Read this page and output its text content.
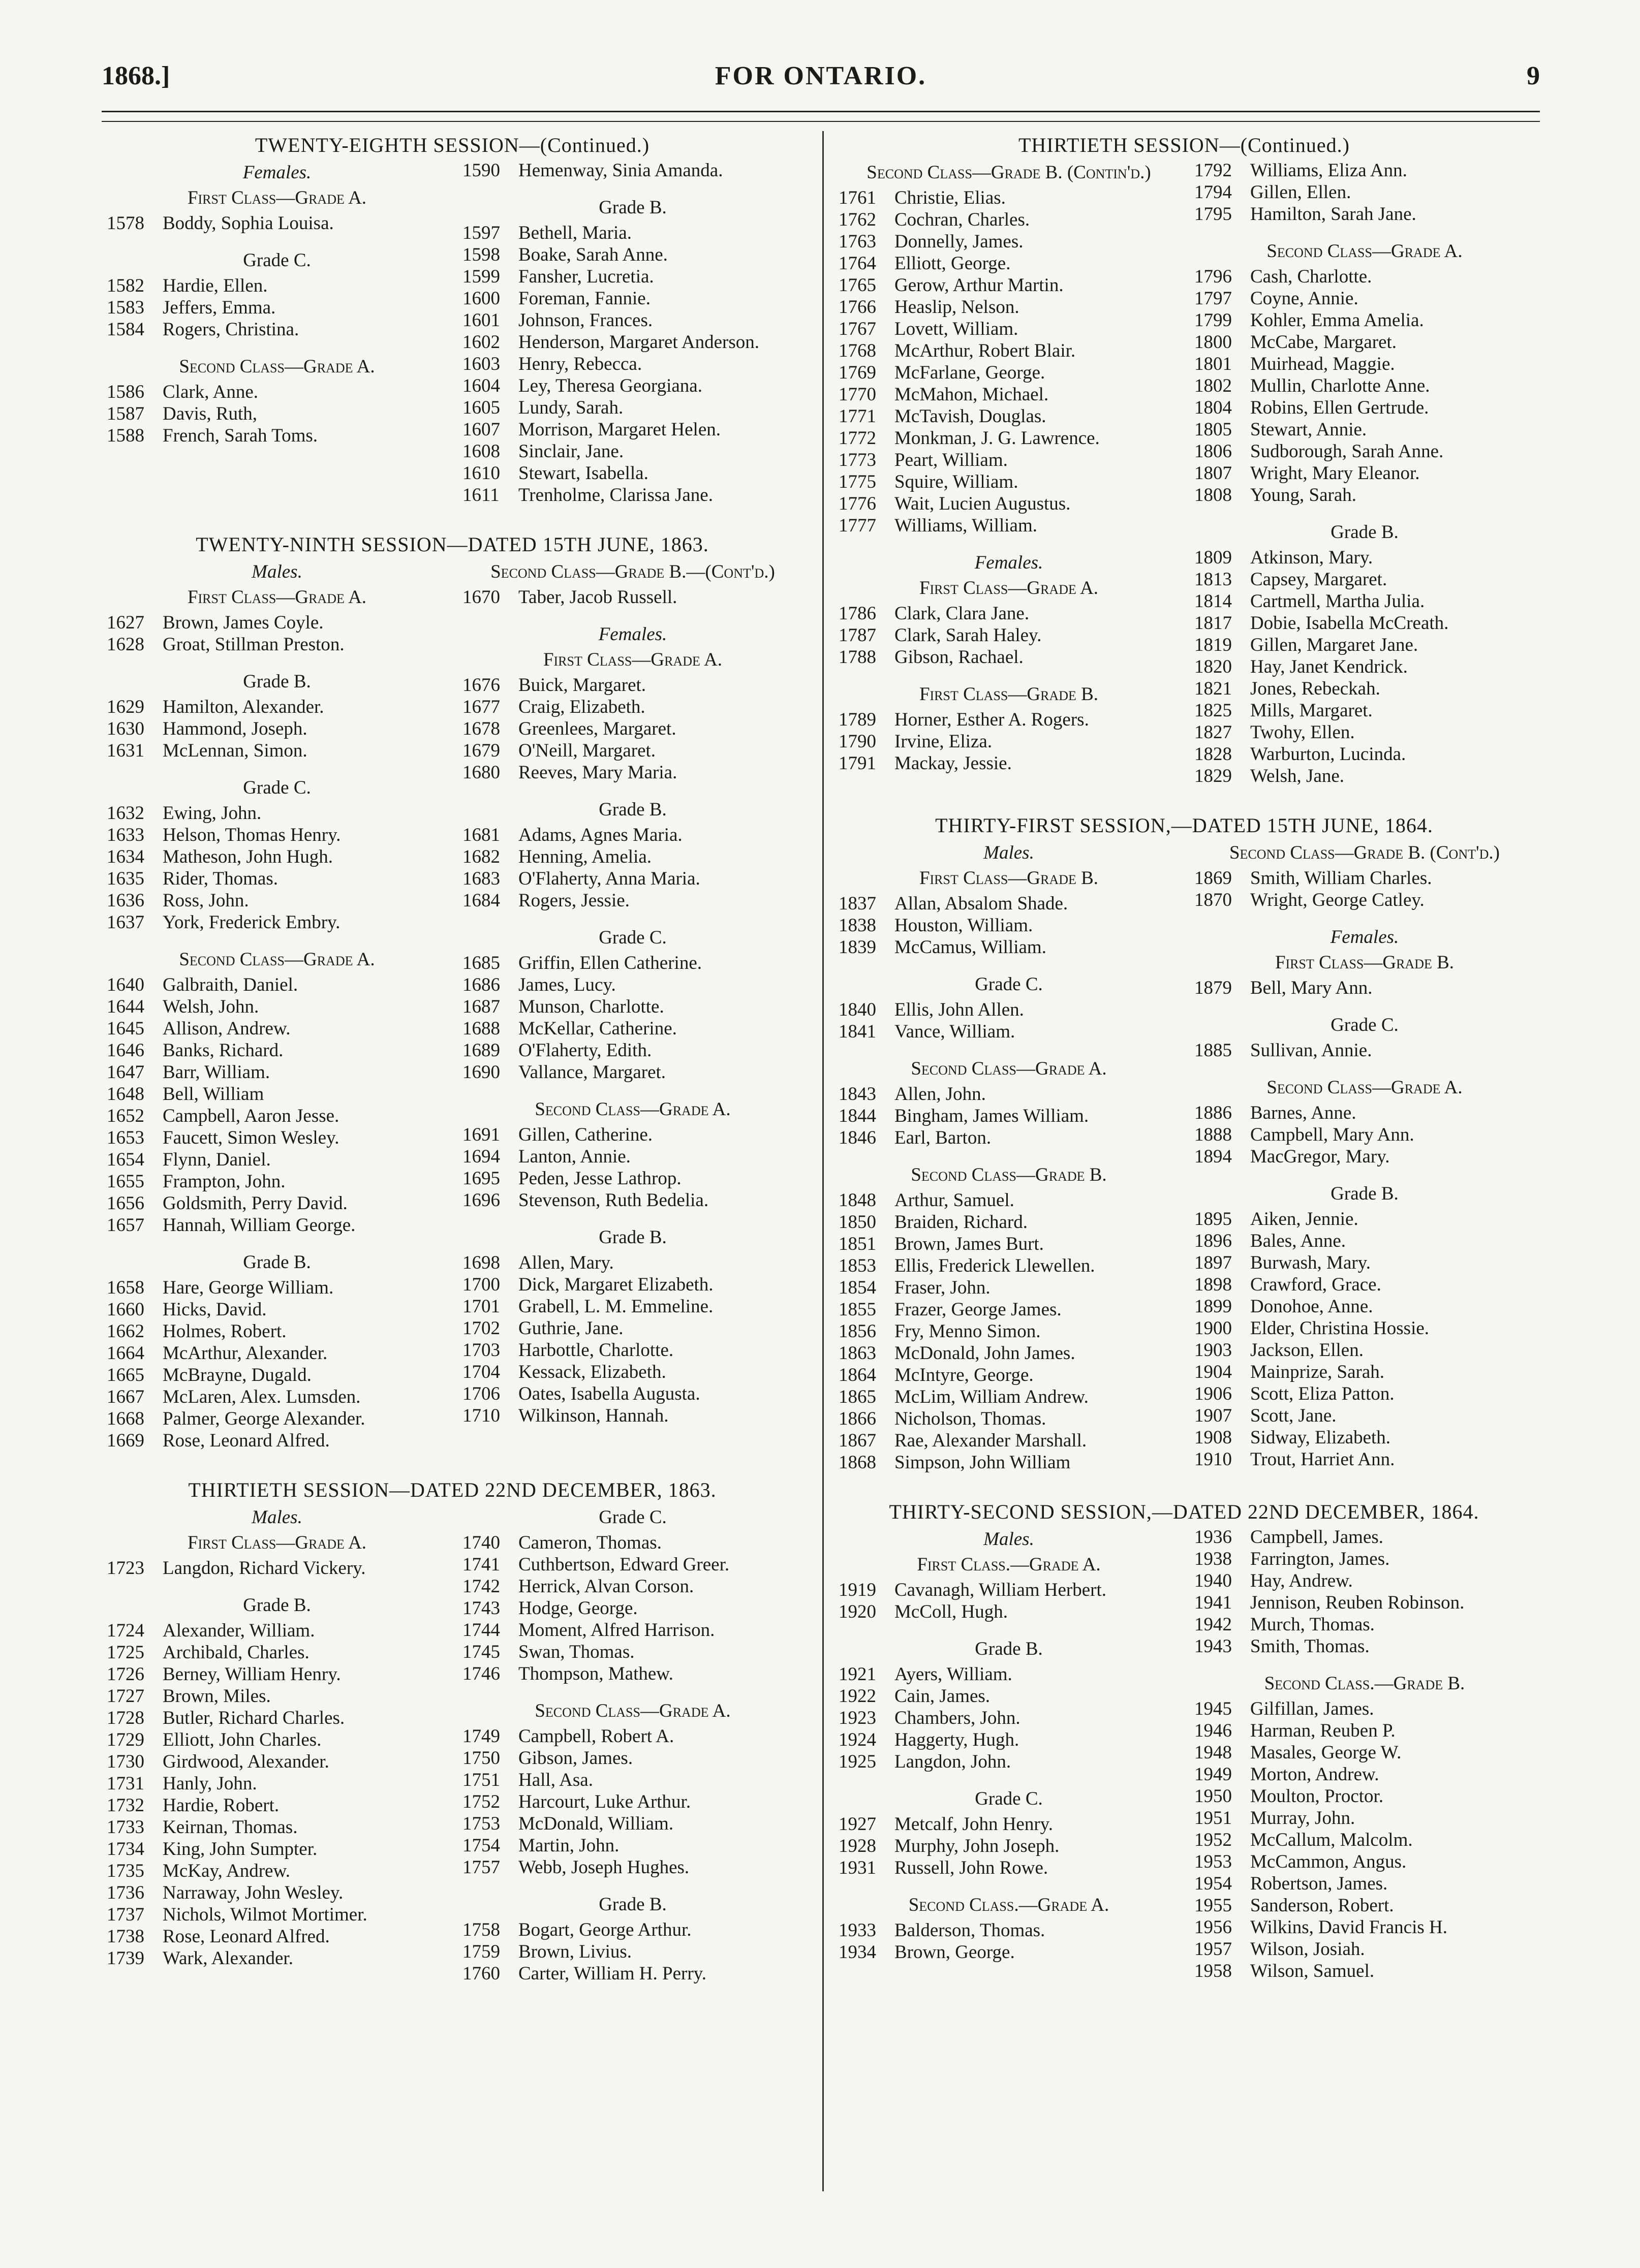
1868.]	FOR ONTARIO.	9
TWENTY-EIGHTH SESSION—(Continued.)
Females.
First Class—Grade A.
1578 Boddy, Sophia Louisa.
Grade C.
1582 Hardie, Ellen.
1583 Jeffers, Emma.
1584 Rogers, Christina.
Second Class—Grade A.
1586 Clark, Anne.
1587 Davis, Ruth,
1588 French, Sarah Toms.
1590 Hemenway, Sinia Amanda.
Grade B.
1597 Bethell, Maria.
1598 Boake, Sarah Anne.
1599 Fansher, Lucretia.
1600 Foreman, Fannie.
1601 Johnson, Frances.
1602 Henderson, Margaret Anderson.
1603 Henry, Rebecca.
1604 Ley, Theresa Georgiana.
1605 Lundy, Sarah.
1607 Morrison, Margaret Helen.
1608 Sinclair, Jane.
1610 Stewart, Isabella.
1611 Trenholme, Clarissa Jane.
TWENTY-NINTH SESSION—DATED 15TH JUNE, 1863.
Males.
First Class—Grade A.
1627 Brown, James Coyle.
1628 Groat, Stillman Preston.
Grade B.
1629 Hamilton, Alexander.
1630 Hammond, Joseph.
1631 McLennan, Simon.
Grade C.
1632 Ewing, John.
1633 Helson, Thomas Henry.
1634 Matheson, John Hugh.
1635 Rider, Thomas.
1636 Ross, John.
1637 York, Frederick Embry.
Second Class—Grade A.
1640 Galbraith, Daniel.
1644 Welsh, John.
1645 Allison, Andrew.
1646 Banks, Richard.
1647 Barr, William.
1648 Bell, William
1652 Campbell, Aaron Jesse.
1653 Faucett, Simon Wesley.
1654 Flynn, Daniel.
1655 Frampton, John.
1656 Goldsmith, Perry David.
1657 Hannah, William George.
Grade B.
1658 Hare, George William.
1660 Hicks, David.
1662 Holmes, Robert.
1664 McArthur, Alexander.
1665 McBrayne, Dugald.
1667 McLaren, Alex. Lumsden.
1668 Palmer, George Alexander.
1669 Rose, Leonard Alfred.
Second Class—Grade B.—(Cont'd.)
1670 Taber, Jacob Russell.
Females.
First Class—Grade A.
1676 Buick, Margaret.
1677 Craig, Elizabeth.
1678 Greenlees, Margaret.
1679 O'Neill, Margaret.
1680 Reeves, Mary Maria.
Grade B.
1681 Adams, Agnes Maria.
1682 Henning, Amelia.
1683 O'Flaherty, Anna Maria.
1684 Rogers, Jessie.
Grade C.
1685 Griffin, Ellen Catherine.
1686 James, Lucy.
1687 Munson, Charlotte.
1688 McKellar, Catherine.
1689 O'Flaherty, Edith.
1690 Vallance, Margaret.
Second Class—Grade A.
1691 Gillen, Catherine.
1694 Lanton, Annie.
1695 Peden, Jesse Lathrop.
1696 Stevenson, Ruth Bedelia.
Grade B.
1698 Allen, Mary.
1700 Dick, Margaret Elizabeth.
1701 Grabell, L. M. Emmeline.
1702 Guthrie, Jane.
1703 Harbottle, Charlotte.
1704 Kessack, Elizabeth.
1706 Oates, Isabella Augusta.
1710 Wilkinson, Hannah.
THIRTIETH SESSION—DATED 22ND DECEMBER, 1863.
Males.
First Class—Grade A.
1723 Langdon, Richard Vickery.
Grade B.
1724 Alexander, William.
1725 Archibald, Charles.
1726 Berney, William Henry.
1727 Brown, Miles.
1728 Butler, Richard Charles.
1729 Elliott, John Charles.
1730 Girdwood, Alexander.
1731 Hanly, John.
1732 Hardie, Robert.
1733 Keirnan, Thomas.
1734 King, John Sumpter.
1735 McKay, Andrew.
1736 Narraway, John Wesley.
1737 Nichols, Wilmot Mortimer.
1738 Rose, Leonard Alfred.
1739 Wark, Alexander.
Grade C.
1740 Cameron, Thomas.
1741 Cuthbertson, Edward Greer.
1742 Herrick, Alvan Corson.
1743 Hodge, George.
1744 Moment, Alfred Harrison.
1745 Swan, Thomas.
1746 Thompson, Mathew.
Second Class—Grade A.
1749 Campbell, Robert A.
1750 Gibson, James.
1751 Hall, Asa.
1752 Harcourt, Luke Arthur.
1753 McDonald, William.
1754 Martin, John.
1757 Webb, Joseph Hughes.
Grade B.
1758 Bogart, George Arthur.
1759 Brown, Livius.
1760 Carter, William H. Perry.
THIRTIETH SESSION—(Continued.)
Second Class—Grade B. (Contin'd.)
1761 Christie, Elias.
1762 Cochran, Charles.
1763 Donnelly, James.
1764 Elliott, George.
1765 Gerow, Arthur Martin.
1766 Heaslip, Nelson.
1767 Lovett, William.
1768 McArthur, Robert Blair.
1769 McFarlane, George.
1770 McMahon, Michael.
1771 McTavish, Douglas.
1772 Monkman, J. G. Lawrence.
1773 Peart, William.
1775 Squire, William.
1776 Wait, Lucien Augustus.
1777 Williams, William.
Females.
First Class—Grade A.
1786 Clark, Clara Jane.
1787 Clark, Sarah Haley.
1788 Gibson, Rachael.
First Class—Grade B.
1789 Horner, Esther A. Rogers.
1790 Irvine, Eliza.
1791 Mackay, Jessie.
1792 Williams, Eliza Ann.
1794 Gillen, Ellen.
1795 Hamilton, Sarah Jane.
Second Class—Grade A.
1796 Cash, Charlotte.
1797 Coyne, Annie.
1799 Kohler, Emma Amelia.
1800 McCabe, Margaret.
1801 Muirhead, Maggie.
1802 Mullin, Charlotte Anne.
1804 Robins, Ellen Gertrude.
1805 Stewart, Annie.
1806 Sudborough, Sarah Anne.
1807 Wright, Mary Eleanor.
1808 Young, Sarah.
Grade B.
1809 Atkinson, Mary.
1813 Capsey, Margaret.
1814 Cartmell, Martha Julia.
1817 Dobie, Isabella McCreath.
1819 Gillen, Margaret Jane.
1820 Hay, Janet Kendrick.
1821 Jones, Rebeckah.
1825 Mills, Margaret.
1827 Twohy, Ellen.
1828 Warburton, Lucinda.
1829 Welsh, Jane.
THIRTY-FIRST SESSION,—DATED 15TH JUNE, 1864.
Males.
First Class—Grade B.
1837 Allan, Absalom Shade.
1838 Houston, William.
1839 McCamus, William.
Grade C.
1840 Ellis, John Allen.
1841 Vance, William.
Second Class—Grade A.
1843 Allen, John.
1844 Bingham, James William.
1846 Earl, Barton.
Second Class—Grade B.
1848 Arthur, Samuel.
1850 Braiden, Richard.
1851 Brown, James Burt.
1853 Ellis, Frederick Llewellen.
1854 Fraser, John.
1855 Frazer, George James.
1856 Fry, Menno Simon.
1863 McDonald, John James.
1864 McIntyre, George.
1865 McLim, William Andrew.
1866 Nicholson, Thomas.
1867 Rae, Alexander Marshall.
1868 Simpson, John William
Second Class—Grade B. (Cont'd.)
1869 Smith, William Charles.
1870 Wright, George Catley.
Females.
First Class—Grade B.
1879 Bell, Mary Ann.
Grade C.
1885 Sullivan, Annie.
Second Class—Grade A.
1886 Barnes, Anne.
1888 Campbell, Mary Ann.
1894 MacGregor, Mary.
Grade B.
1895 Aiken, Jennie.
1896 Bales, Anne.
1897 Burwash, Mary.
1898 Crawford, Grace.
1899 Donohoe, Anne.
1900 Elder, Christina Hossie.
1903 Jackson, Ellen.
1904 Mainprize, Sarah.
1906 Scott, Eliza Patton.
1907 Scott, Jane.
1908 Sidway, Elizabeth.
1910 Trout, Harriet Ann.
THIRTY-SECOND SESSION,—DATED 22ND DECEMBER, 1864.
Males.
First Class.—Grade A.
1919 Cavanagh, William Herbert.
1920 McColl, Hugh.
Grade B.
1921 Ayers, William.
1922 Cain, James.
1923 Chambers, John.
1924 Haggerty, Hugh.
1925 Langdon, John.
Grade C.
1927 Metcalf, John Henry.
1928 Murphy, John Joseph.
1931 Russell, John Rowe.
Second Class.—Grade A.
1933 Balderson, Thomas.
1934 Brown, George.
1936 Campbell, James.
1938 Farrington, James.
1940 Hay, Andrew.
1941 Jennison, Reuben Robinson.
1942 Murch, Thomas.
1943 Smith, Thomas.
Second Class.—Grade B.
1945 Gilfillan, James.
1946 Harman, Reuben P.
1948 Masales, George W.
1949 Morton, Andrew.
1950 Moulton, Proctor.
1951 Murray, John.
1952 McCallum, Malcolm.
1953 McCammon, Angus.
1954 Robertson, James.
1955 Sanderson, Robert.
1956 Wilkins, David Francis H.
1957 Wilson, Josiah.
1958 Wilson, Samuel.
